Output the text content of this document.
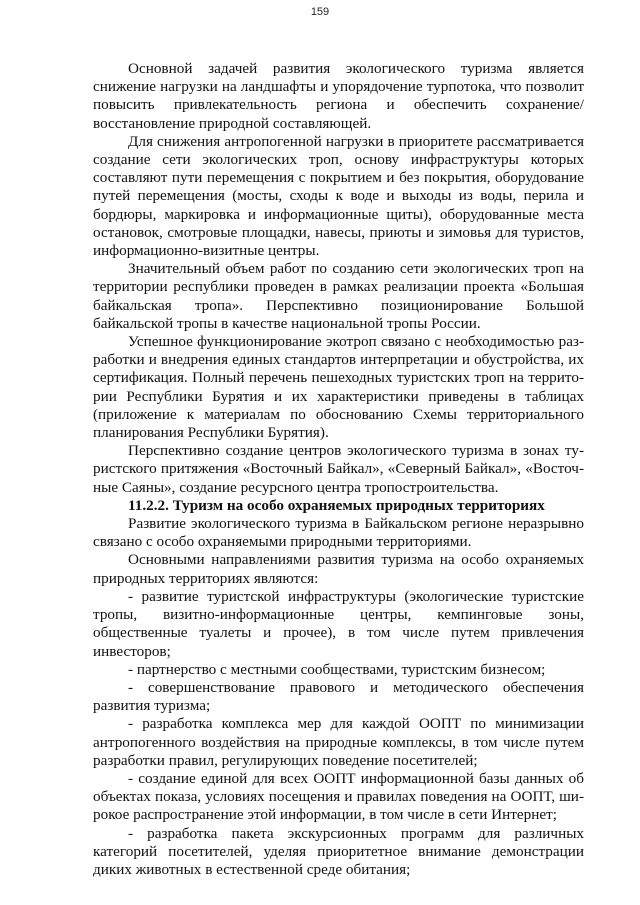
159

Основной задачей развития экологического туризма является снижение нагрузки на ландшафты и упорядочение турпотока, что позволит повысить привлекательность региона и обеспечить сохранение/восстановление природной составляющей.

Для снижения антропогенной нагрузки в приоритете рассматривается создание сети экологических троп, основу инфраструктуры которых составляют пути перемещения с покрытием и без покрытия, оборудование путей перемещения (мосты, сходы к воде и выходы из воды, перила и бордюры, маркировка и информационные щиты), оборудованные места остановок, смотровые площадки, навесы, приюты и зимовья для туристов, информационно-визитные центры.

Значительный объем работ по созданию сети экологических троп на территории республики проведен в рамках реализации проекта «Большая байкальская тропа». Перспективно позиционирование Большой байкальской тропы в качестве национальной тропы России.

Успешное функционирование экотроп связано с необходимостью разработки и внедрения единых стандартов интерпретации и обустройства, их сертификация. Полный перечень пешеходных туристских троп на территории Республики Бурятия и их характеристики приведены в таблицах (приложение к материалам по обоснованию Схемы территориального планирования Республики Бурятия).

Перспективно создание центров экологического туризма в зонах туристского притяжения «Восточный Байкал», «Северный Байкал», «Восточные Саяны», создание ресурсного центра тропостроительства.

11.2.2. Туризм на особо охраняемых природных территориях

Развитие экологического туризма в Байкальском регионе неразрывно связано с особо охраняемыми природными территориями.

Основными направлениями развития туризма на особо охраняемых природных территориях являются:

- развитие туристской инфраструктуры (экологические туристские тропы, визитно-информационные центры, кемпинговые зоны, общественные туалеты и прочее), в том числе путем привлечения инвесторов;

- партнерство с местными сообществами, туристским бизнесом;

- совершенствование правового и методического обеспечения развития туризма;

- разработка комплекса мер для каждой ООПТ по минимизации антропогенного воздействия на природные комплексы, в том числе путем разработки правил, регулирующих поведение посетителей;

- создание единой для всех ООПТ информационной базы данных об объектах показа, условиях посещения и правилах поведения на ООПТ, широкое распространение этой информации, в том числе в сети Интернет;

- разработка пакета экскурсионных программ для различных категорий посетителей, уделяя приоритетное внимание демонстрации диких животных в естественной среде обитания;
